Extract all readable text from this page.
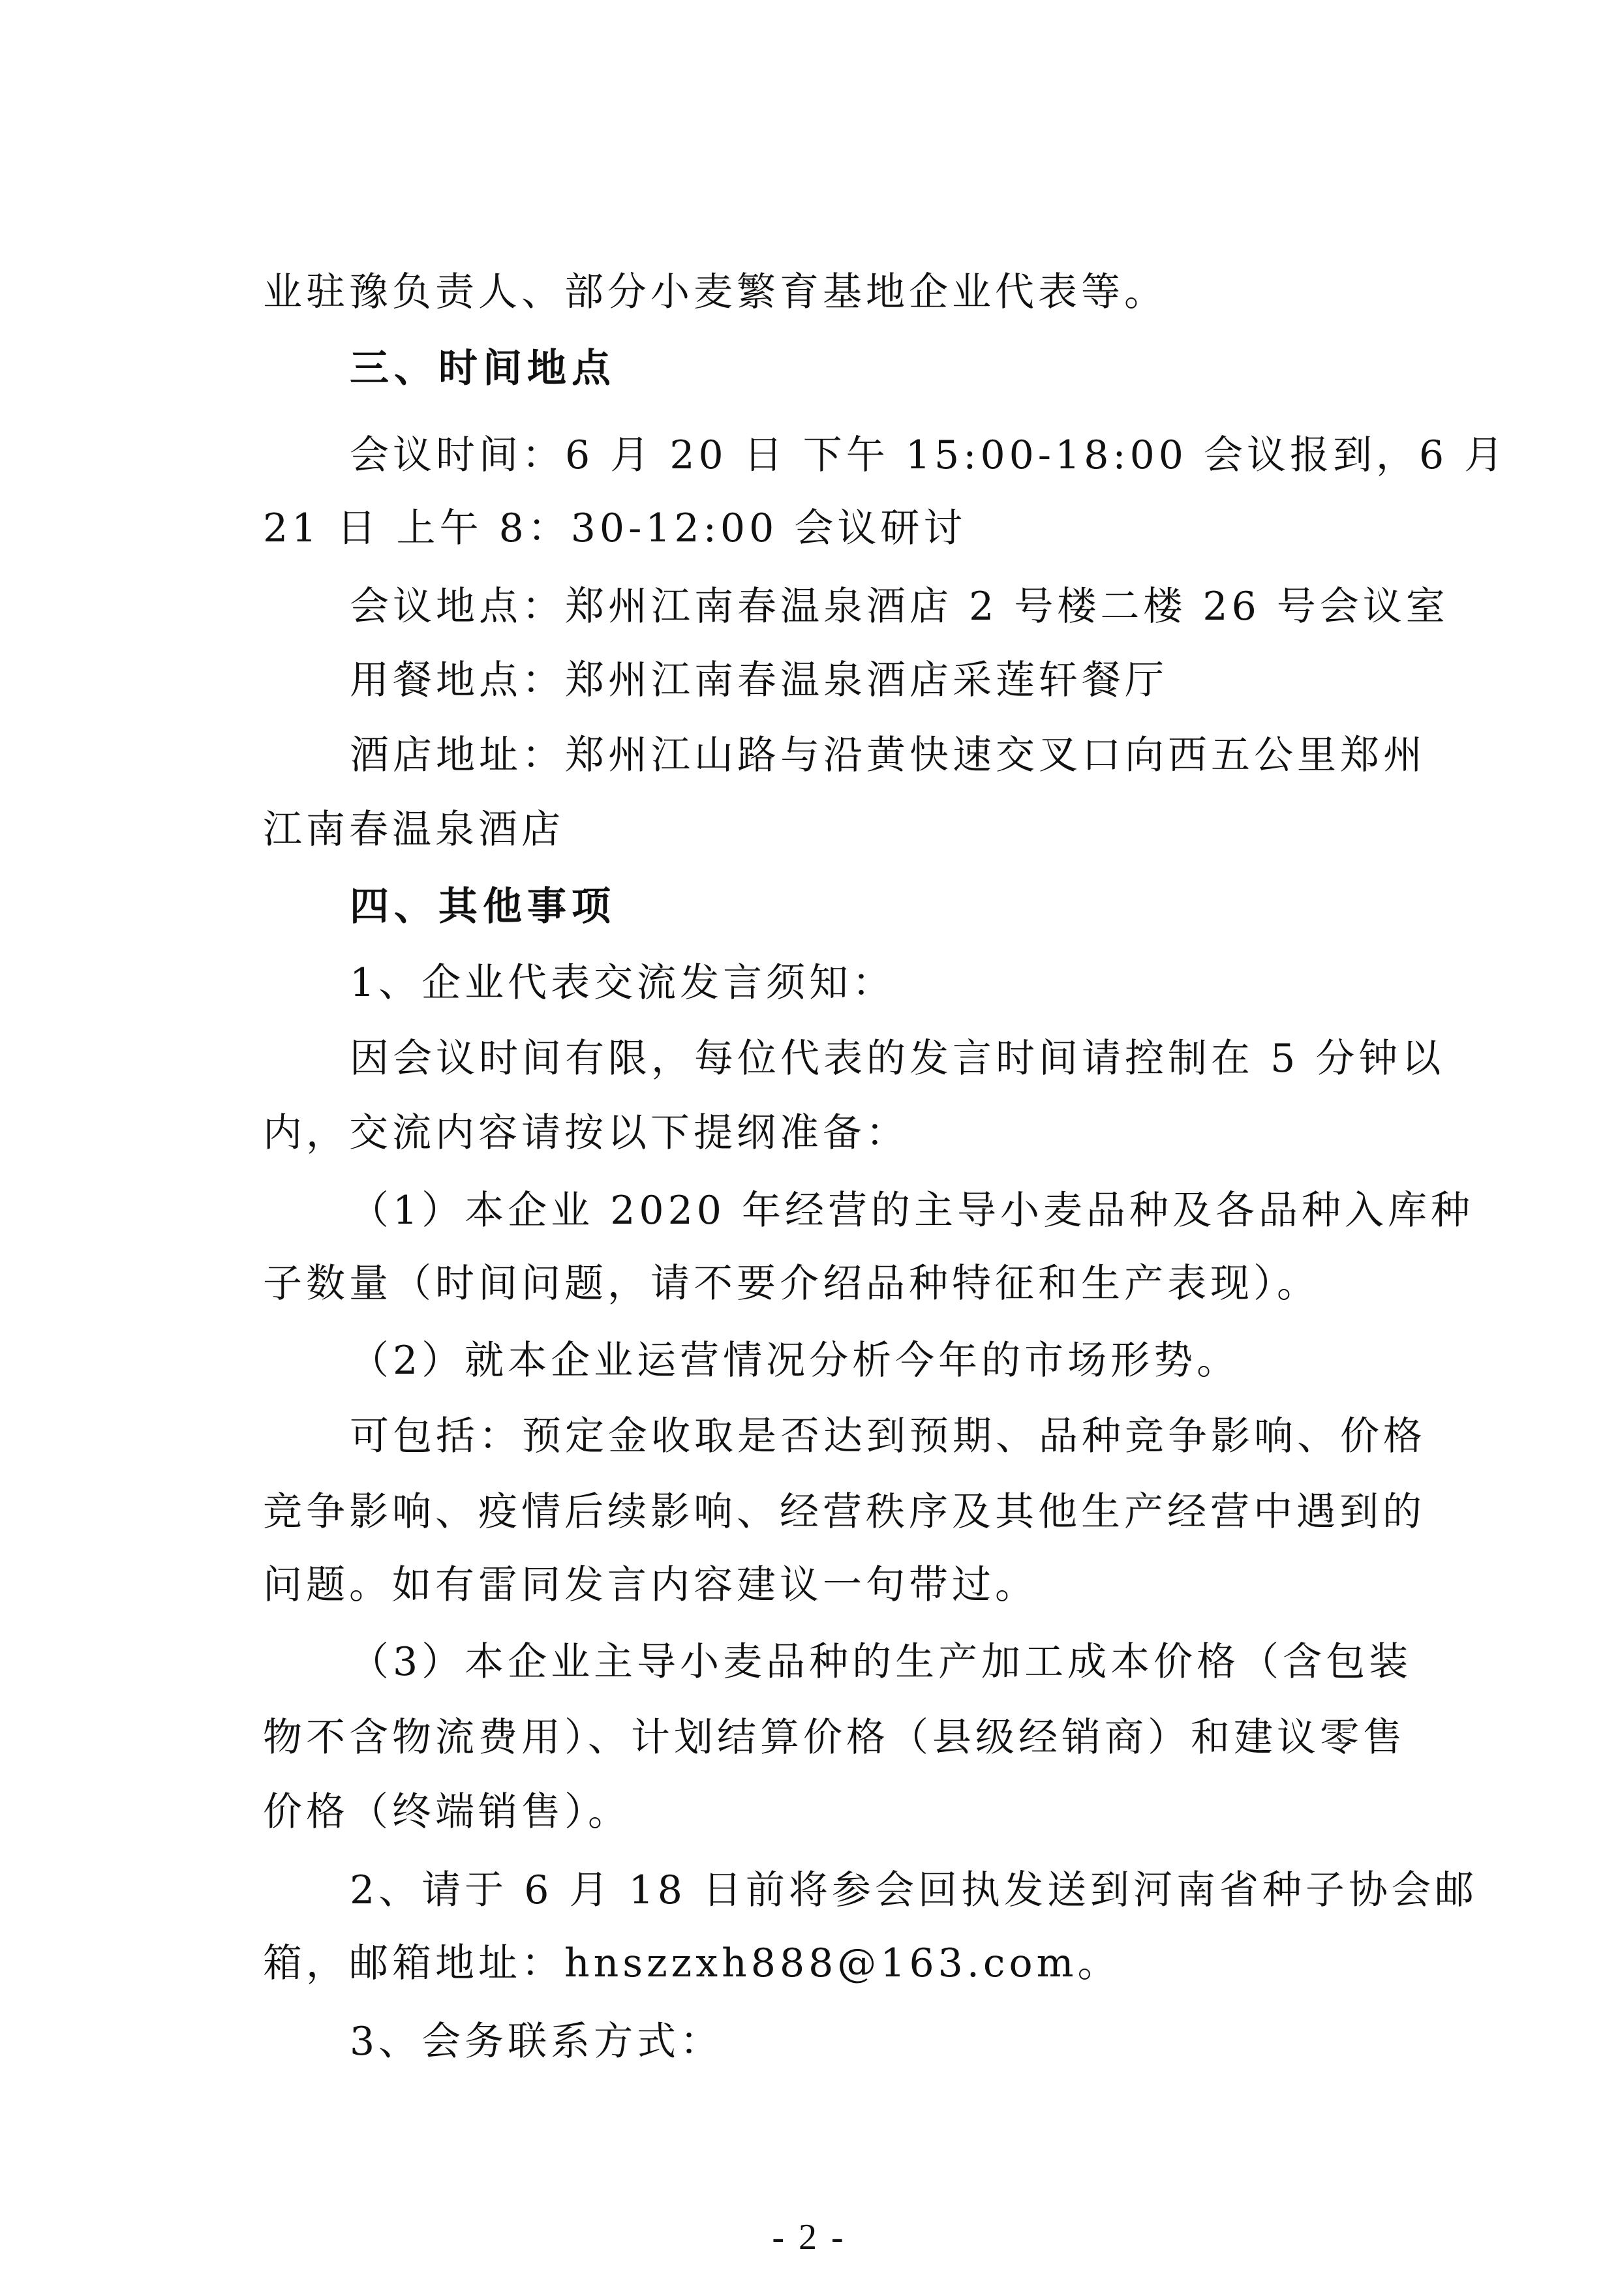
业驻豫负责人、部分小麦繁育基地企业代表等。
三、时间地点
会议时间：6 月 20 日 下午 15:00-18:00 会议报到，6 月
21 日 上午 8：30-12:00 会议研讨
会议地点：郑州江南春温泉酒店 2 号楼二楼 26 号会议室
用餐地点：郑州江南春温泉酒店采莲轩餐厅
酒店地址：郑州江山路与沿黄快速交叉口向西五公里郑州
江南春温泉酒店
四、其他事项
1、企业代表交流发言须知：
因会议时间有限，每位代表的发言时间请控制在 5 分钟以
内，交流内容请按以下提纲准备：
（1）本企业 2020 年经营的主导小麦品种及各品种入库种
子数量（时间问题，请不要介绍品种特征和生产表现）。
（2）就本企业运营情况分析今年的市场形势。
可包括：预定金收取是否达到预期、品种竞争影响、价格
竞争影响、疫情后续影响、经营秩序及其他生产经营中遇到的
问题。如有雷同发言内容建议一句带过。
（3）本企业主导小麦品种的生产加工成本价格（含包装
物不含物流费用）、计划结算价格（县级经销商）和建议零售
价格（终端销售）。
2、请于 6 月 18 日前将参会回执发送到河南省种子协会邮
箱，邮箱地址：hnszzxh888@163.com。
3、会务联系方式：
- 2 -
